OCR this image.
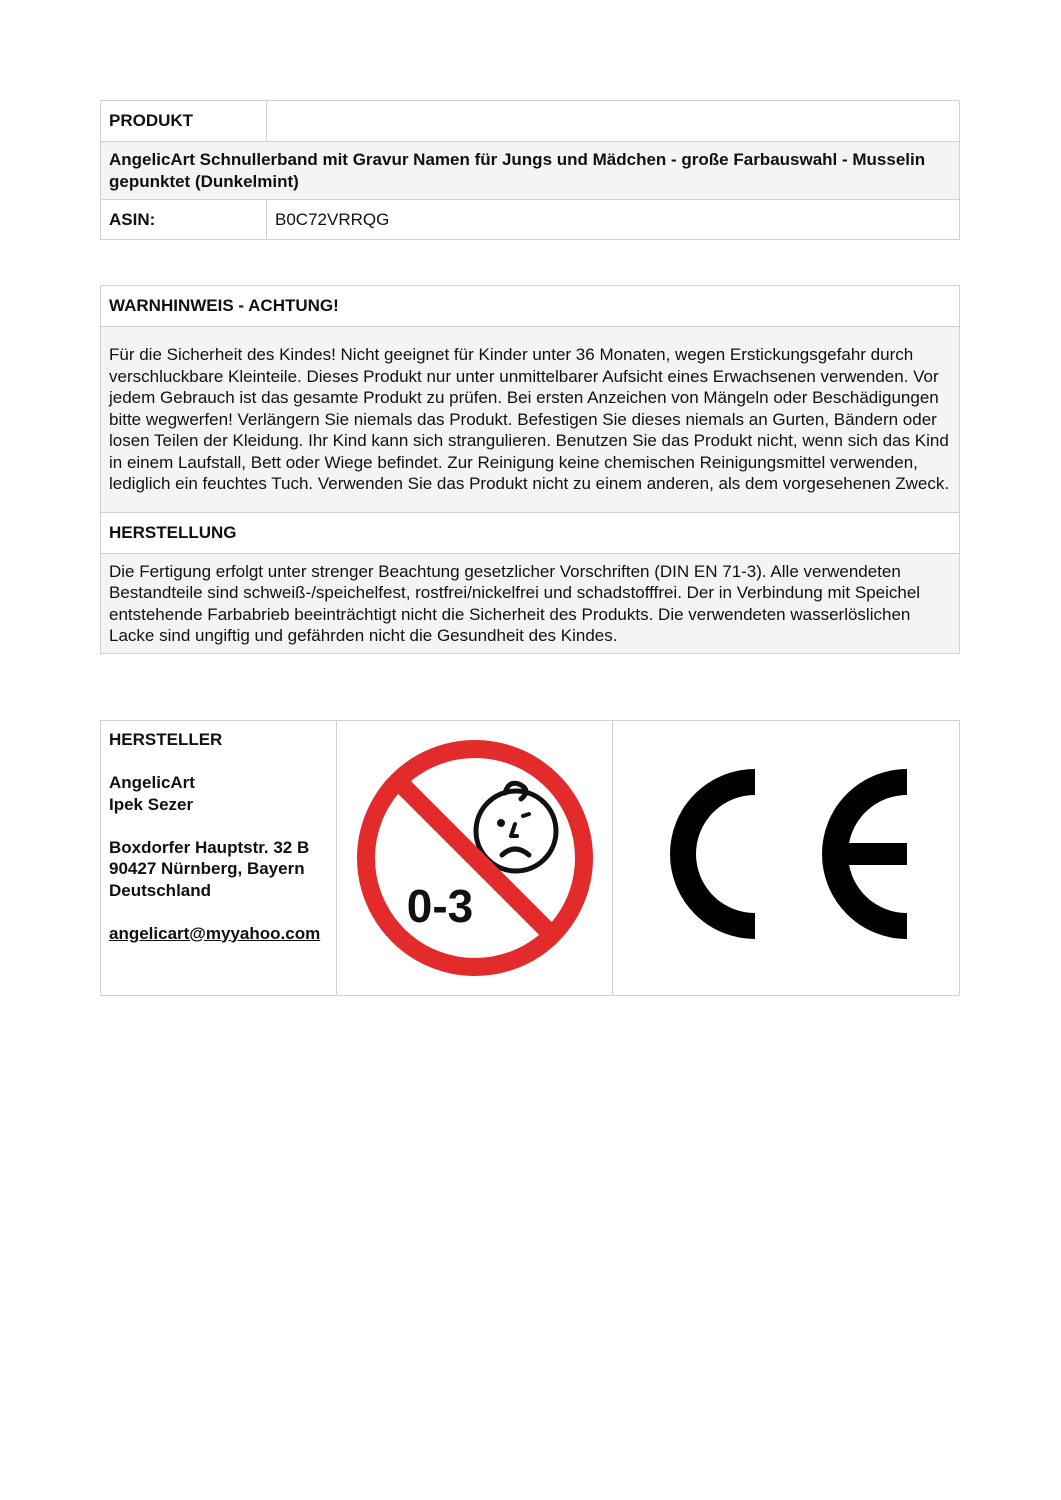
PRODUKT	
AngelicArt Schnullerband mit Gravur Namen für Jungs und Mädchen - große Farbauswahl - Musselin gepunktet (Dunkelmint)	
ASIN:	B0C72VRRQG
WARNHINWEIS - ACHTUNG!
Für die Sicherheit des Kindes! Nicht geeignet für Kinder unter 36 Monaten, wegen Erstickungsgefahr durch verschluckbare Kleinteile. Dieses Produkt nur unter unmittelbarer Aufsicht eines Erwachsenen verwenden. Vor jedem Gebrauch ist das gesamte Produkt zu prüfen. Bei ersten Anzeichen von Mängeln oder Beschädigungen bitte wegwerfen! Verlängern Sie niemals das Produkt. Befestigen Sie dieses niemals an Gurten, Bändern oder losen Teilen der Kleidung. Ihr Kind kann sich strangulieren. Benutzen Sie das Produkt nicht, wenn sich das Kind in einem Laufstall, Bett oder Wiege befindet. Zur Reinigung keine chemischen Reinigungsmittel verwenden, lediglich ein feuchtes Tuch. Verwenden Sie das Produkt nicht zu einem anderen, als dem vorgesehenen Zweck.
HERSTELLUNG
Die Fertigung erfolgt unter strenger Beachtung gesetzlicher Vorschriften (DIN EN 71-3). Alle verwendeten Bestandteile sind schweiß-/speichelfest, rostfrei/nickelfrei und schadstofffrei. Der in Verbindung mit Speichel entstehende Farbabrieb beeinträchtigt nicht die Sicherheit des Produkts. Die verwendeten wasserlöslichen Lacke sind ungiftig und gefährden nicht die Gesundheit des Kindes.
HERSTELLER
AngelicArt
Ipek Sezer
Boxdorfer Hauptstr. 32 B
90427 Nürnberg, Bayern
Deutschland
angelicart@myyahoo.com	
0-3
